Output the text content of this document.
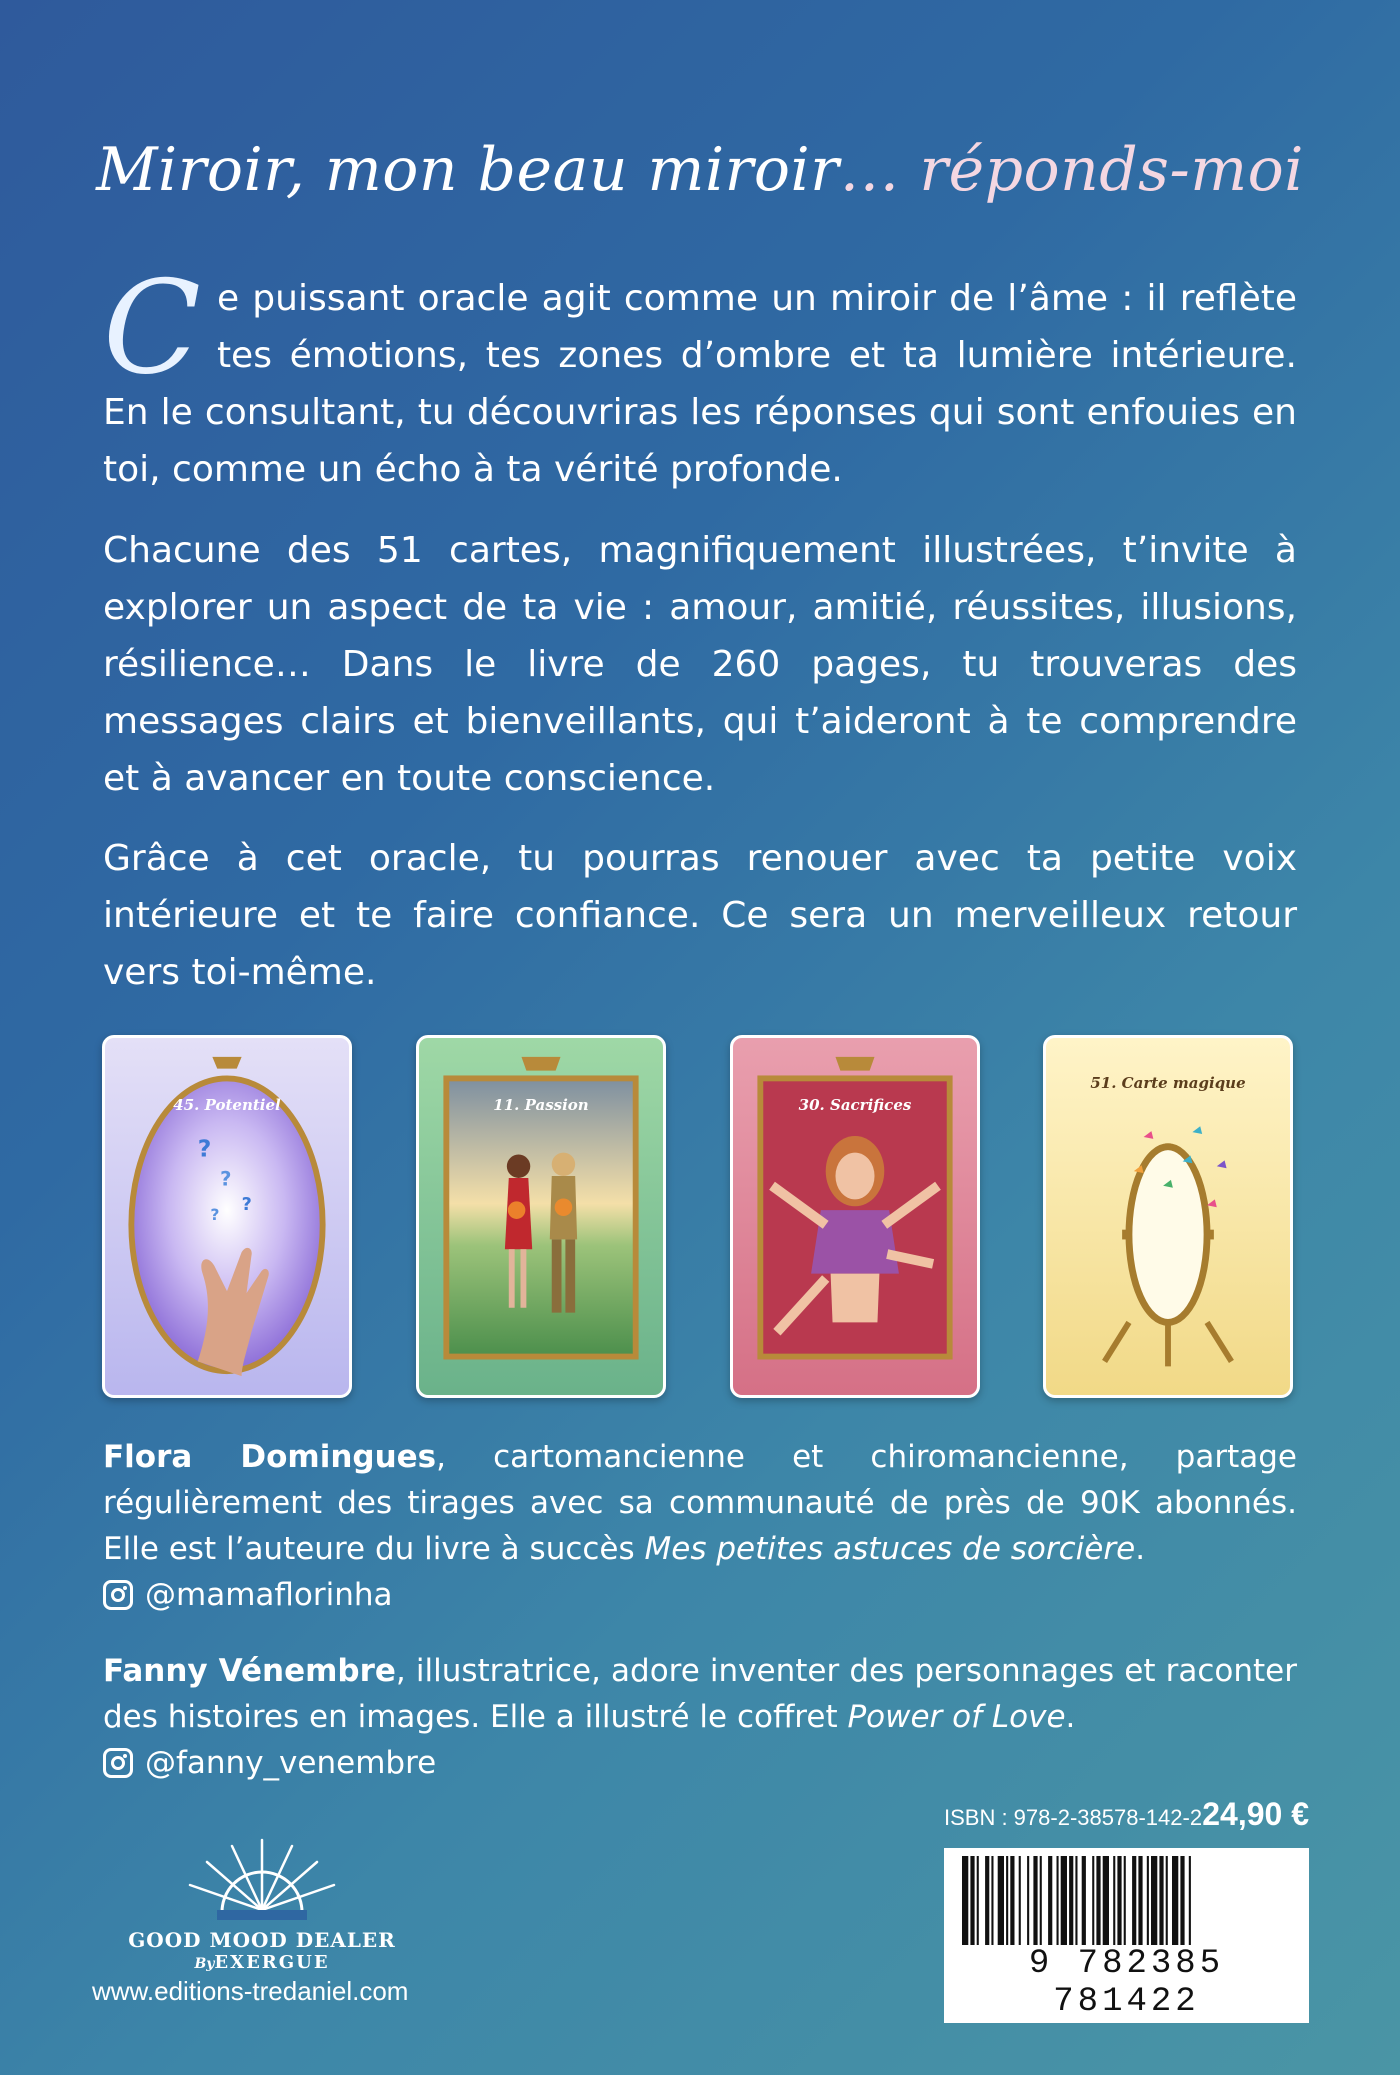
Miroir, mon beau miroir… réponds-moi
Ce puissant oracle agit comme un miroir de l’âme : il reflète tes émotions, tes zones d’ombre et ta lumière intérieure. En le consultant, tu découvriras les réponses qui sont enfouies en toi, comme un écho à ta vérité profonde.
Chacune des 51 cartes, magnifiquement illustrées, t’invite à explorer un aspect de ta vie : amour, amitié, réussites, illusions, résilience… Dans le livre de 260 pages, tu trouveras des messages clairs et bienveillants, qui t’aideront à te comprendre et à avancer en toute conscience.
Grâce à cet oracle, tu pourras renouer avec ta petite voix intérieure et te faire confiance. Ce sera un merveilleux retour vers toi-même.
?
?
?
?
45. Potentiel	11. Passion	30. Sacrifices
51. Carte magique
Flora Domingues, cartomancienne et chiromancienne, partage régulièrement des tirages avec sa communauté de près de 90K abonnés. Elle est l’auteure du livre à succès Mes petites astuces de sorcière.
@mamaflorinha
Fanny Vénembre, illustratrice, adore inventer des personnages et raconter des histoires en images. Elle a illustré le coffret Power of Love.
@fanny_venembre
GOOD MOOD DEALER
ByEXERGUE
www.editions-tredaniel.com
ISBN : 978-2-38578-142-2 24,90 €
9 782385 781422
